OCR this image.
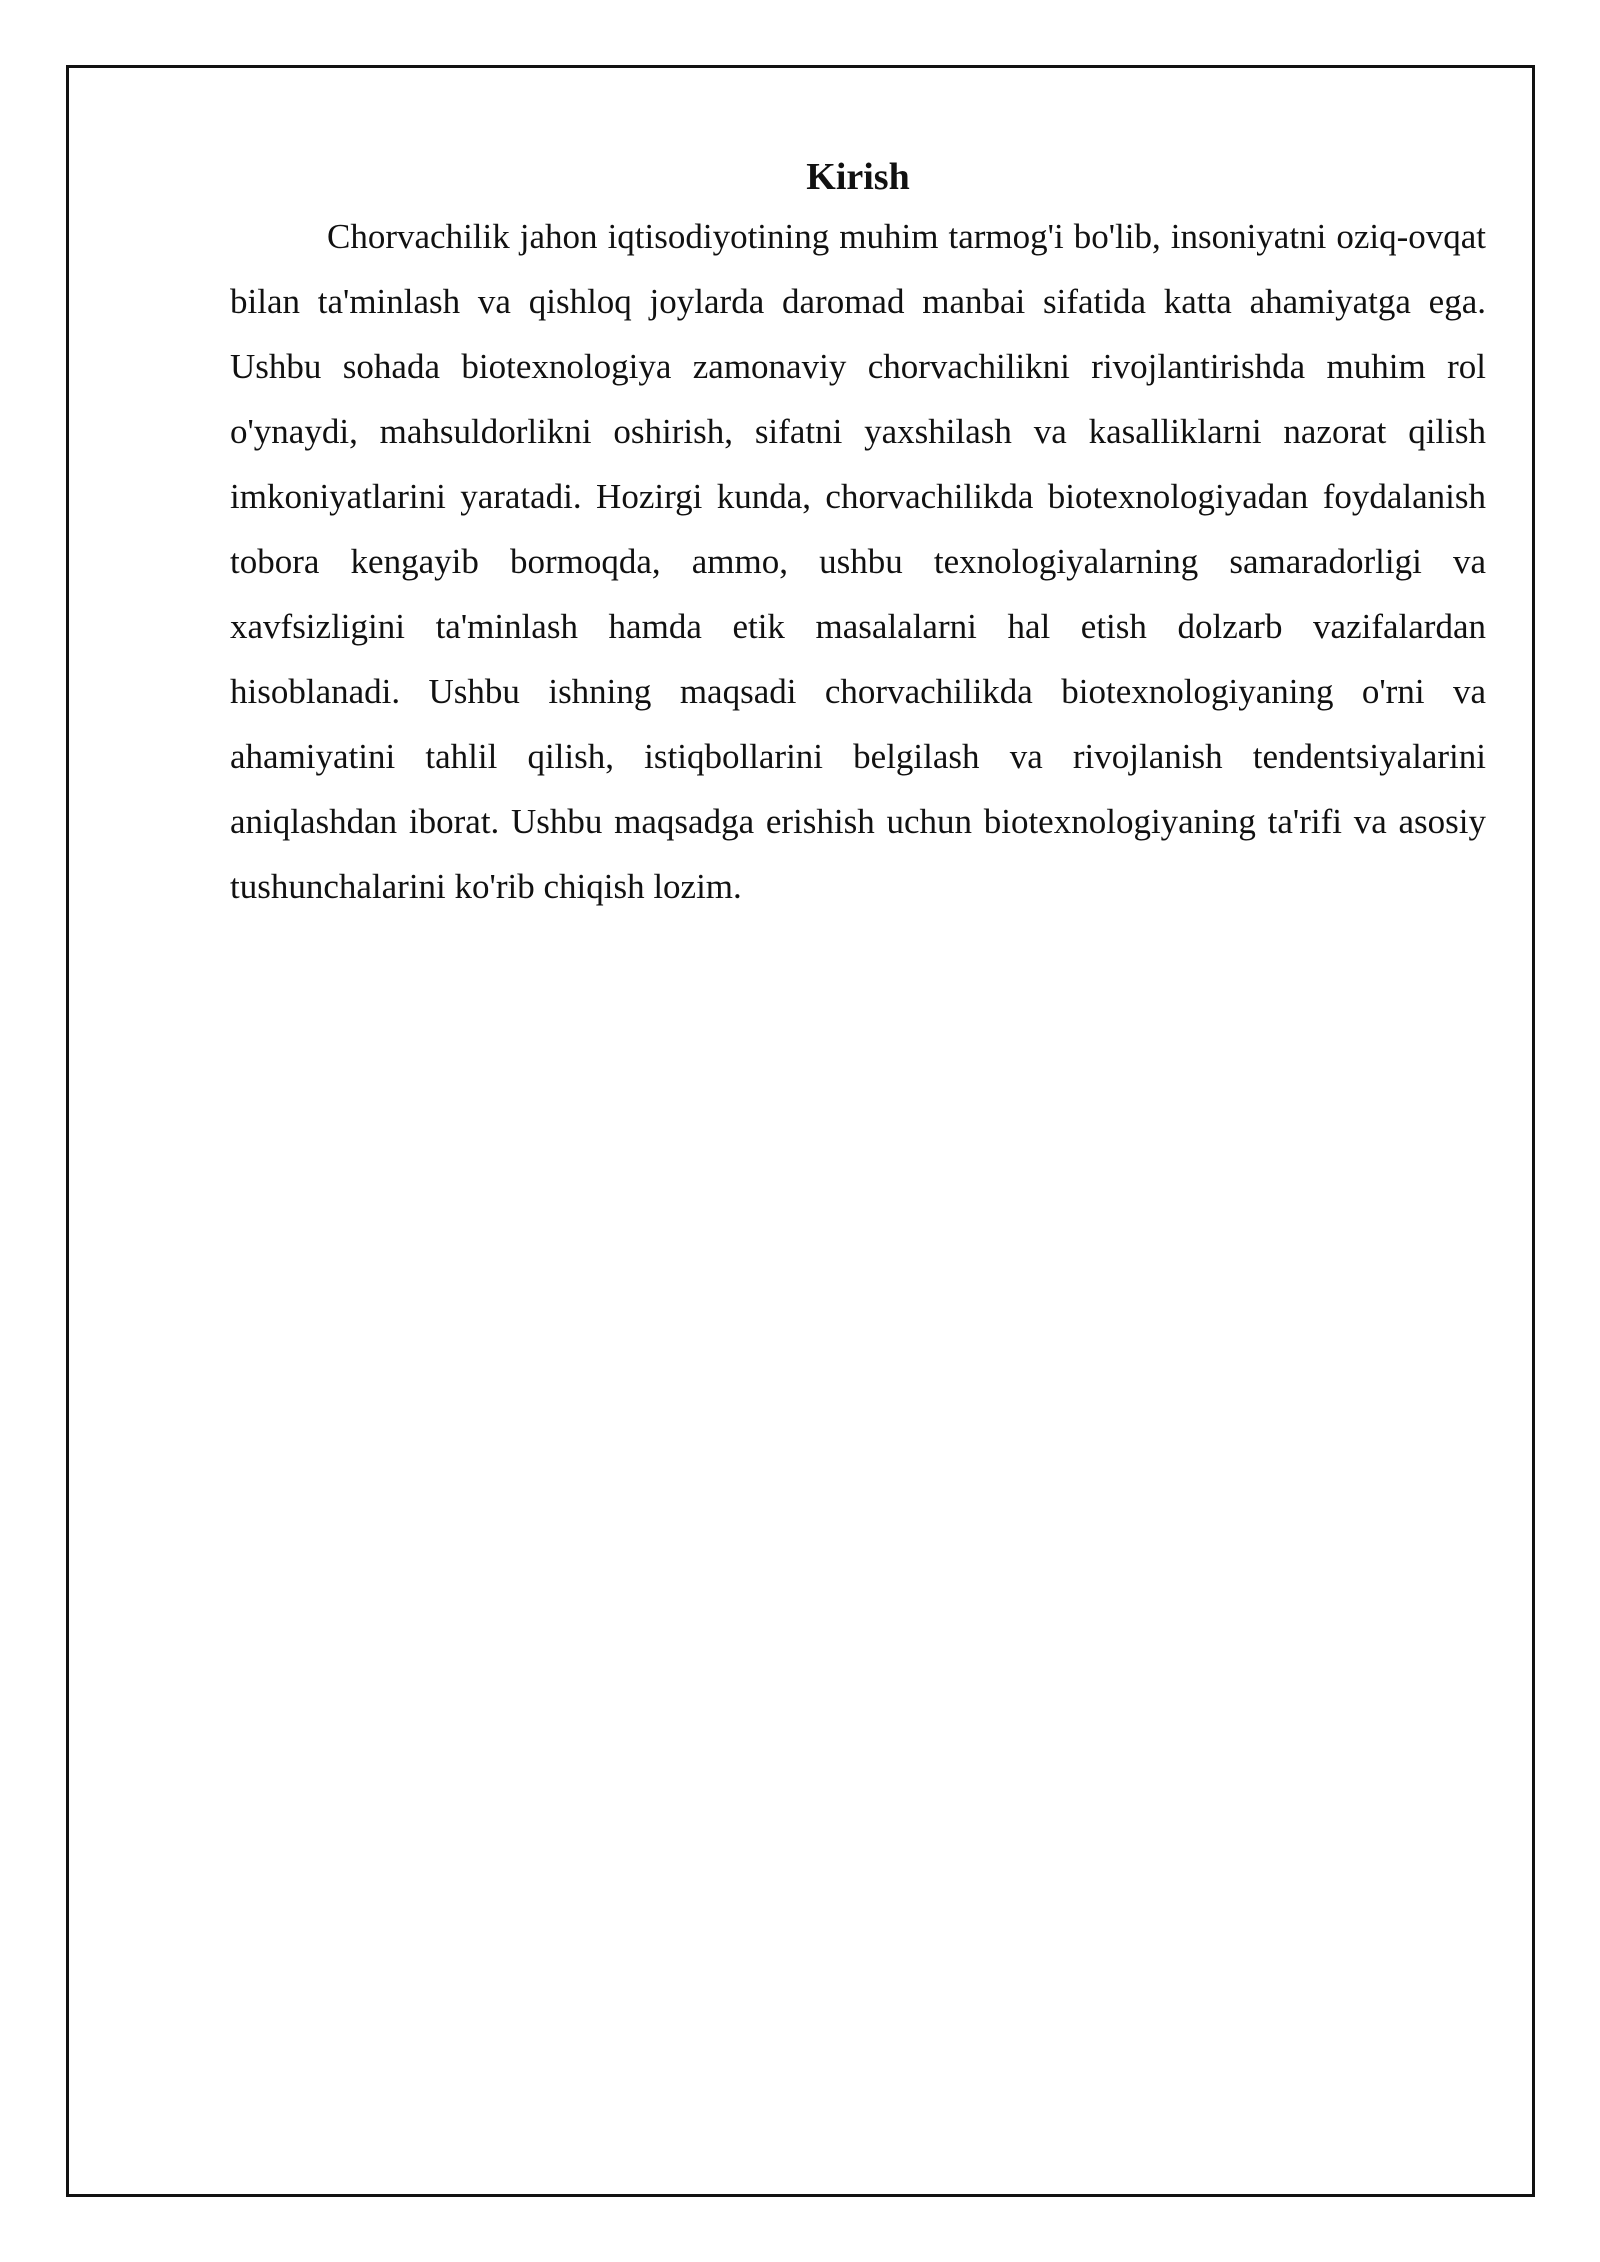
Kirish

Chorvachilik jahon iqtisodiyotining muhim tarmog'i bo'lib, insoniyatni oziq-ovqat bilan ta'minlash va qishloq joylarda daromad manbai sifatida katta ahamiyatga ega. Ushbu sohada biotexnologiya zamonaviy chorvachilikni rivojlantirishda muhim rol o'ynaydi, mahsuldorlikni oshirish, sifatni yaxshilash va kasalliklarni nazorat qilish imkoniyatlarini yaratadi. Hozirgi kunda, chorvachilikda biotexnologiyadan foydalanish tobora kengayib bormoqda, ammo, ushbu texnologiyalarning samaradorligi va xavfsizligini ta'minlash hamda etik masalalarni hal etish dolzarb vazifalardan hisoblanadi. Ushbu ishning maqsadi chorvachilikda biotexnologiyaning o'rni va ahamiyatini tahlil qilish, istiqbollarini belgilash va rivojlanish tendentsiyalarini aniqlashdan iborat. Ushbu maqsadga erishish uchun biotexnologiyaning ta'rifi va asosiy tushunchalarini ko'rib chiqish lozim.
